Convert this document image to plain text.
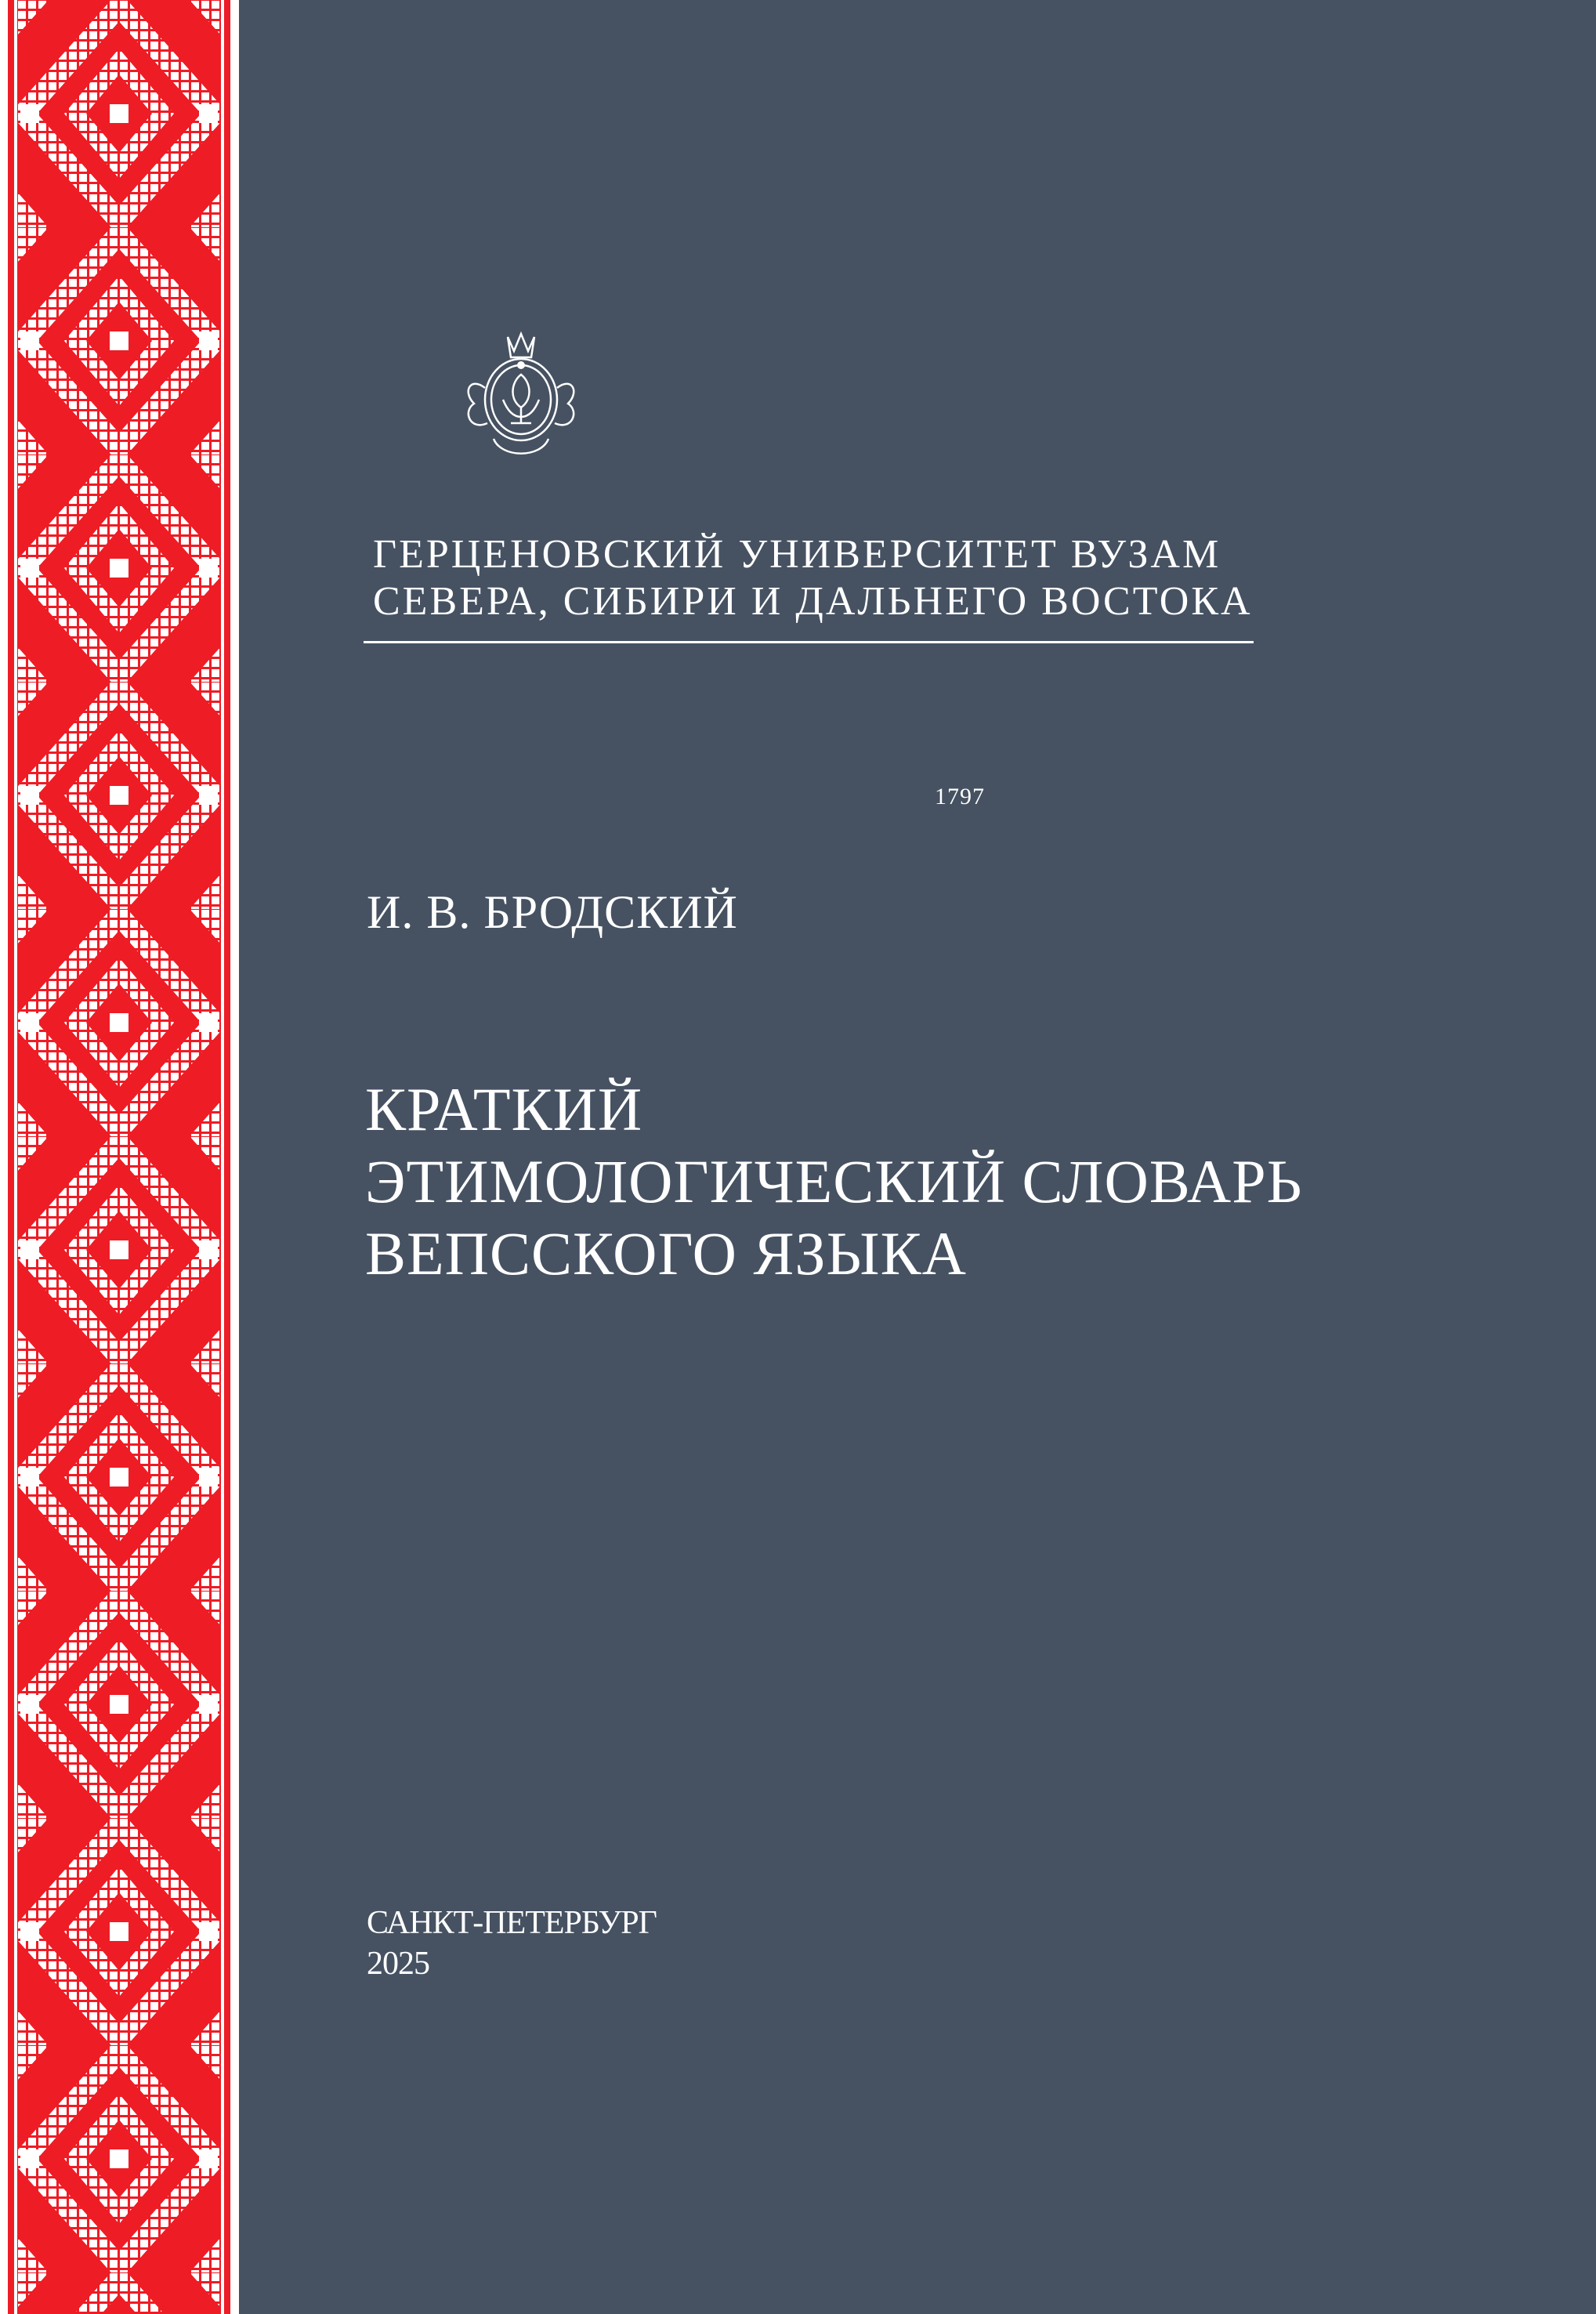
1797
ГЕРЦЕНОВСКИЙ УНИВЕРСИТЕТ ВУЗАМ
СЕВЕРА, СИБИРИ И ДАЛЬНЕГО ВОСТОКА
И. В. БРОДСКИЙ
КРАТКИЙ
ЭТИМОЛОГИЧЕСКИЙ СЛОВАРЬ
ВЕПССКОГО ЯЗЫКА
САНКТ-ПЕТЕРБУРГ
2025
